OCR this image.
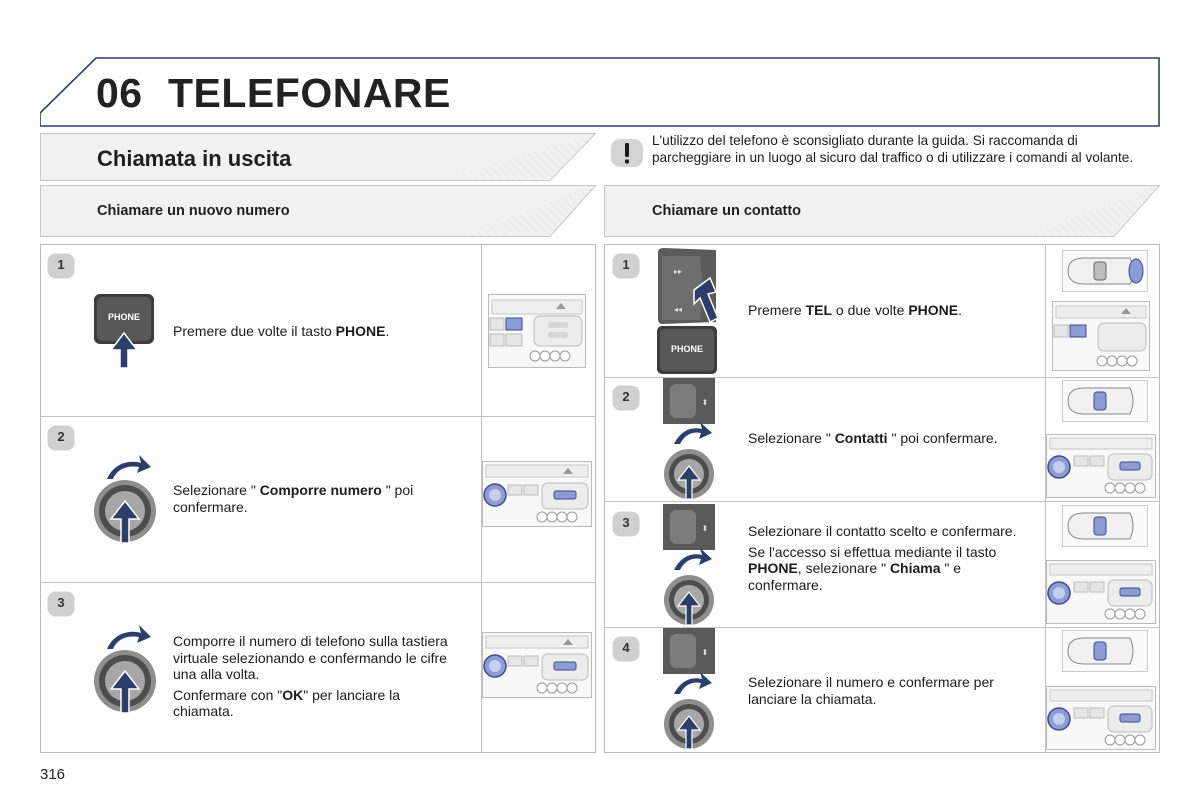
06 TELEFONARE
Chiamata in uscita
L'utilizzo del telefono è sconsigliato durante la guida. Si raccomanda di parcheggiare in un luogo al sicuro dal traffico o di utilizzare i comandi al volante.
Chiamare un nuovo numero	Chiamare un contatto
1
PHONE
Premere due volte il tasto PHONE.
2
Selezionare " Comporre numero " poi confermare.
3

Comporre il numero di telefono sulla tastiera virtuale selezionando e confermando le cifre una alla volta.

Confermare con "OK" per lanciare la chiamata.

1	▸▸
◂◂
PHONE
Premere TEL o due volte PHONE.
2	⬍
Selezionare " Contatti " poi confermare.
3	⬍	Selezionare il contatto scelto e confermare.

Se l'accesso si effettua mediante il tasto PHONE, selezionare " Chiama " e confermare.

4	⬍
Selezionare il numero e confermare per lanciare la chiamata.
316
